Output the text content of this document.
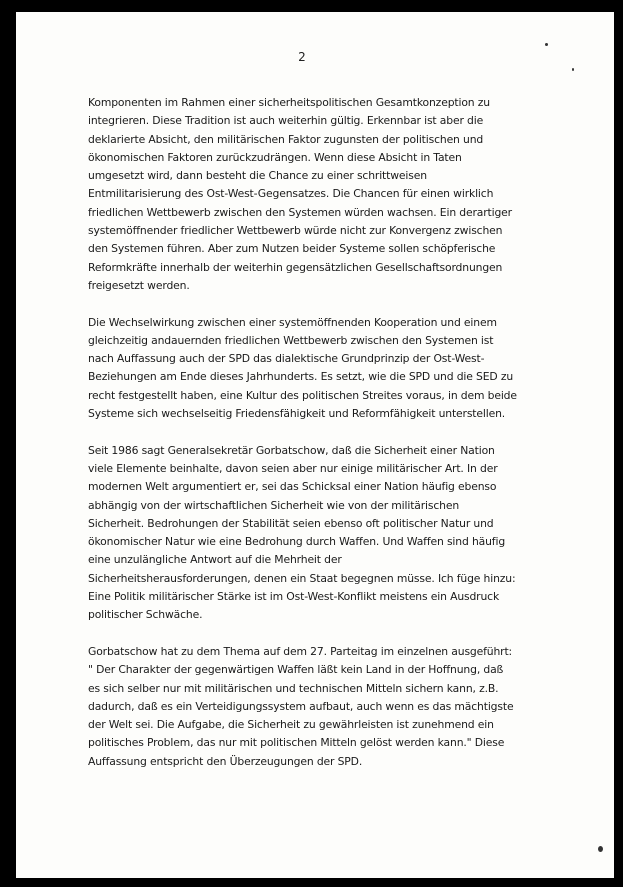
2

Komponenten im Rahmen einer sicherheitspolitischen Gesamtkonzeption zu
integrieren. Diese Tradition ist auch weiterhin gültig. Erkennbar ist aber die
deklarierte Absicht, den militärischen Faktor zugunsten der politischen und
ökonomischen Faktoren zurückzudrängen. Wenn diese Absicht in Taten
umgesetzt wird, dann besteht die Chance zu einer schrittweisen
Entmilitarisierung des Ost-West-Gegensatzes. Die Chancen für einen wirklich
friedlichen Wettbewerb zwischen den Systemen würden wachsen. Ein derartiger
systemöffnender friedlicher Wettbewerb würde nicht zur Konvergenz zwischen
den Systemen führen. Aber zum Nutzen beider Systeme sollen schöpferische
Reformkräfte innerhalb der weiterhin gegensätzlichen Gesellschaftsordnungen
freigesetzt werden.

Die Wechselwirkung zwischen einer systemöffnenden Kooperation und einem
gleichzeitig andauernden friedlichen Wettbewerb zwischen den Systemen ist
nach Auffassung auch der SPD das dialektische Grundprinzip der Ost-West-
Beziehungen am Ende dieses Jahrhunderts. Es setzt, wie die SPD und die SED zu
recht festgestellt haben, eine Kultur des politischen Streites voraus, in dem beide
Systeme sich wechselseitig Friedensfähigkeit und Reformfähigkeit unterstellen.

Seit 1986 sagt Generalsekretär Gorbatschow, daß die Sicherheit einer Nation
viele Elemente beinhalte, davon seien aber nur einige militärischer Art. In der
modernen Welt argumentiert er, sei das Schicksal einer Nation häufig ebenso
abhängig von der wirtschaftlichen Sicherheit wie von der militärischen
Sicherheit. Bedrohungen der Stabilität seien ebenso oft politischer Natur und
ökonomischer Natur wie eine Bedrohung durch Waffen. Und Waffen sind häufig
eine unzulängliche Antwort auf die Mehrheit der
Sicherheitsherausforderungen, denen ein Staat begegnen müsse. Ich füge hinzu:
Eine Politik militärischer Stärke ist im Ost-West-Konflikt meistens ein Ausdruck
politischer Schwäche.

Gorbatschow hat zu dem Thema auf dem 27. Parteitag im einzelnen ausgeführt:
" Der Charakter der gegenwärtigen Waffen läßt kein Land in der Hoffnung, daß
es sich selber nur mit militärischen und technischen Mitteln sichern kann, z.B.
dadurch, daß es ein Verteidigungssystem aufbaut, auch wenn es das mächtigste
der Welt sei. Die Aufgabe, die Sicherheit zu gewährleisten ist zunehmend ein
politisches Problem, das nur mit politischen Mitteln gelöst werden kann." Diese
Auffassung entspricht den Überzeugungen der SPD.
